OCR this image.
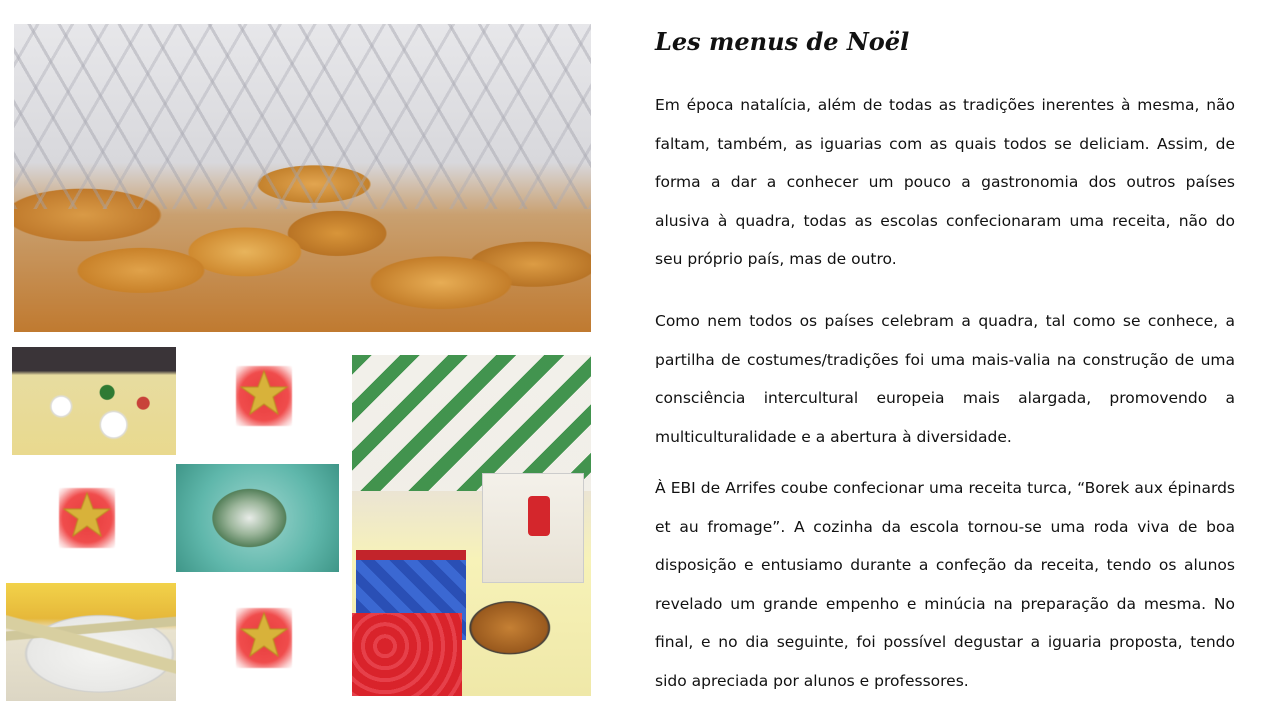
Les menus de Noël

Em época natalícia, além de todas as tradições inerentes à mesma, não faltam, também, as iguarias com as quais todos se deliciam. Assim, de forma a dar a conhecer um pouco a gastronomia dos outros países alusiva à quadra, todas as escolas confecionaram uma receita, não do seu próprio país, mas de outro.

Como nem todos os países celebram a quadra, tal como se conhece, a partilha de costumes/tradições foi uma mais-valia na construção de uma consciência intercultural europeia mais alargada, promovendo a multiculturalidade e a abertura à diversidade.

À EBI de Arrifes coube confecionar uma receita turca, “Borek aux épinards et au fromage”. A cozinha da escola tornou-se uma roda viva de boa disposição e entusiamo durante a confeção da receita, tendo os alunos revelado um grande empenho e minúcia na preparação da mesma. No final, e no dia seguinte, foi possível degustar a iguaria proposta, tendo sido apreciada por alunos e professores.
